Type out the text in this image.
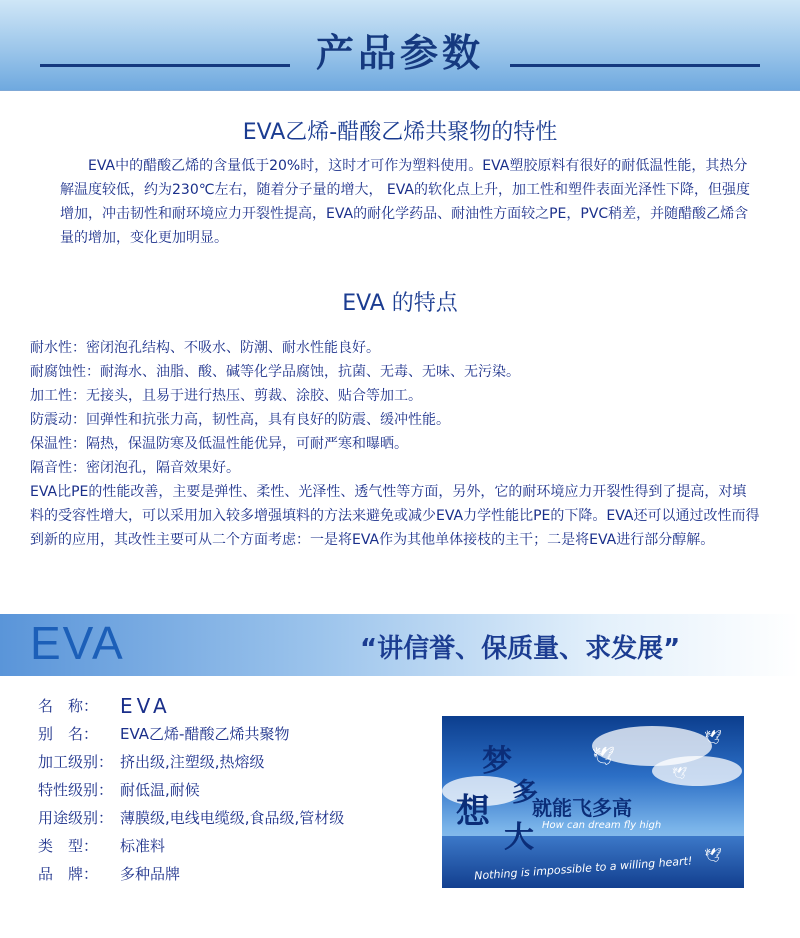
产品参数
EVA乙烯-醋酸乙烯共聚物的特性
EVA中的醋酸乙烯的含量低于20%时，这时才可作为塑料使用。EVA塑胶原料有很好的耐低温性能，其热分解温度较低，约为230℃左右，随着分子量的增大， EVA的软化点上升，加工性和塑件表面光泽性下降，但强度增加，冲击韧性和耐环境应力开裂性提高，EVA的耐化学药品、耐油性方面较之PE，PVC稍差，并随醋酸乙烯含量的增加，变化更加明显。
EVA 的特点

耐水性：密闭泡孔结构、不吸水、防潮、耐水性能良好。

耐腐蚀性：耐海水、油脂、酸、碱等化学品腐蚀，抗菌、无毒、无味、无污染。

加工性：无接头，且易于进行热压、剪裁、涂胶、贴合等加工。

防震动：回弹性和抗张力高，韧性高，具有良好的防震、缓冲性能。

保温性：隔热，保温防寒及低温性能优异，可耐严寒和曝晒。

隔音性：密闭泡孔，隔音效果好。

EVA比PE的性能改善，主要是弹性、柔性、光泽性、透气性等方面，另外，它的耐环境应力开裂性得到了提高，对填料的受容性增大，可以采用加入较多增强填料的方法来避免或减少EVA力学性能比PE的下降。EVA还可以通过改性而得到新的应用，其改性主要可从二个方面考虑：一是将EVA作为其他单体接枝的主干；二是将EVA进行部分醇解。

EVA	“讲信誉、保质量、求发展”
名　称：	EVA
别　名：	EVA乙烯-醋酸乙烯共聚物
加工级别： 挤出级,注塑级,热熔级
特性级别： 耐低温,耐候
用途级别： 薄膜级,电线电缆级,食品级,管材级
类　型：	标准料
品　牌：	多种品牌
梦
多
想
大
就能飞多高
How can dream fly high
Nothing is impossible to a willing heart!
🕊
🕊
🕊
🕊
